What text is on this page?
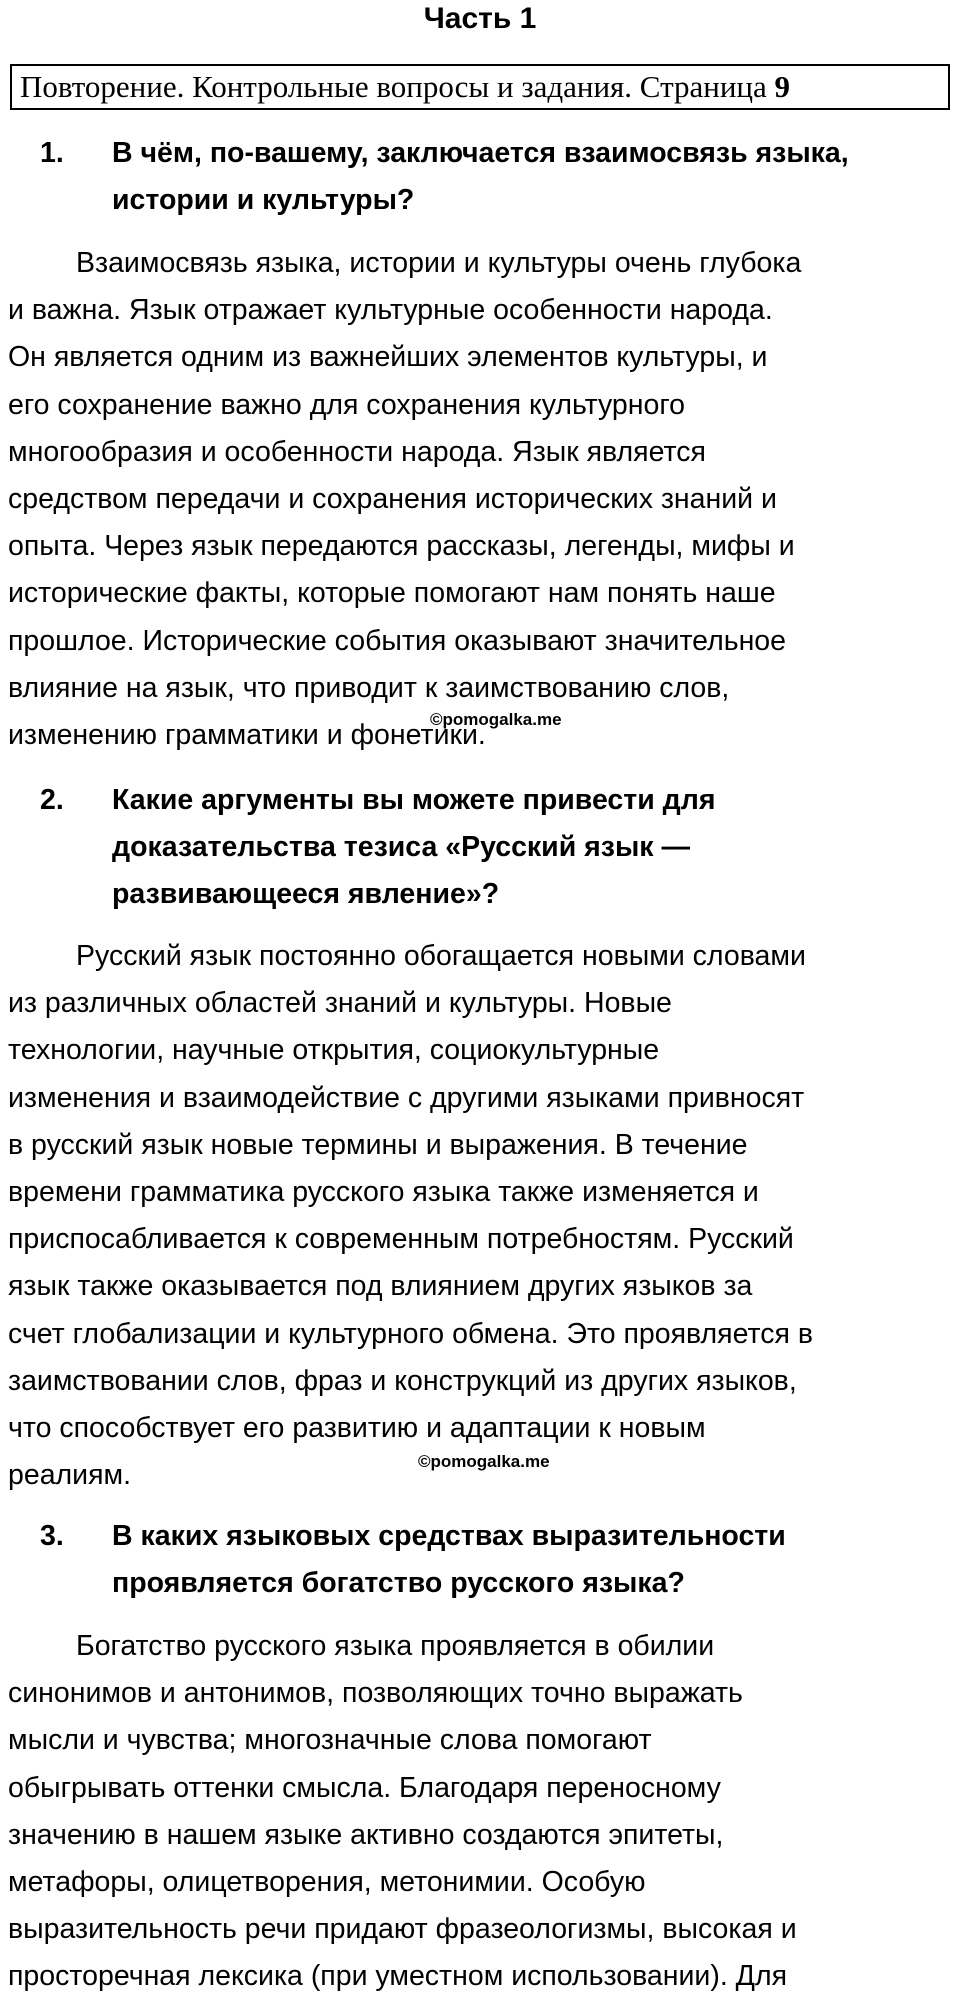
Часть 1
Повторение. Контрольные вопросы и задания. Страница 9
1. В чём, по-вашему, заключается взаимосвязь языка,
истории и культуры?
Взаимосвязь языка, истории и культуры очень глубока
и важна. Язык отражает культурные особенности народа.
Он является одним из важнейших элементов культуры, и
его сохранение важно для сохранения культурного
многообразия и особенности народа. Язык является
средством передачи и сохранения исторических знаний и
опыта. Через язык передаются рассказы, легенды, мифы и
исторические факты, которые помогают нам понять наше
прошлое. Исторические события оказывают значительное
влияние на язык, что приводит к заимствованию слов,
изменению грамматики и фонетики.
©pomogalka.me
2. Какие аргументы вы можете привести для
доказательства тезиса «Русский язык —
развивающееся явление»?
Русский язык постоянно обогащается новыми словами
из различных областей знаний и культуры. Новые
технологии, научные открытия, социокультурные
изменения и взаимодействие с другими языками привносят
в русский язык новые термины и выражения. В течение
времени грамматика русского языка также изменяется и
приспосабливается к современным потребностям. Русский
язык также оказывается под влиянием других языков за
счет глобализации и культурного обмена. Это проявляется в
заимствовании слов, фраз и конструкций из других языков,
что способствует его развитию и адаптации к новым
реалиям.	©pomogalka.me
3. В каких языковых средствах выразительности
проявляется богатство русского языка?
Богатство русского языка проявляется в обилии
синонимов и антонимов, позволяющих точно выражать
мысли и чувства; многозначные слова помогают
обыгрывать оттенки смысла. Благодаря переносному
значению в нашем языке активно создаются эпитеты,
метафоры, олицетворения, метонимии. Особую
выразительность речи придают фразеологизмы, высокая и
просторечная лексика (при уместном использовании). Для
